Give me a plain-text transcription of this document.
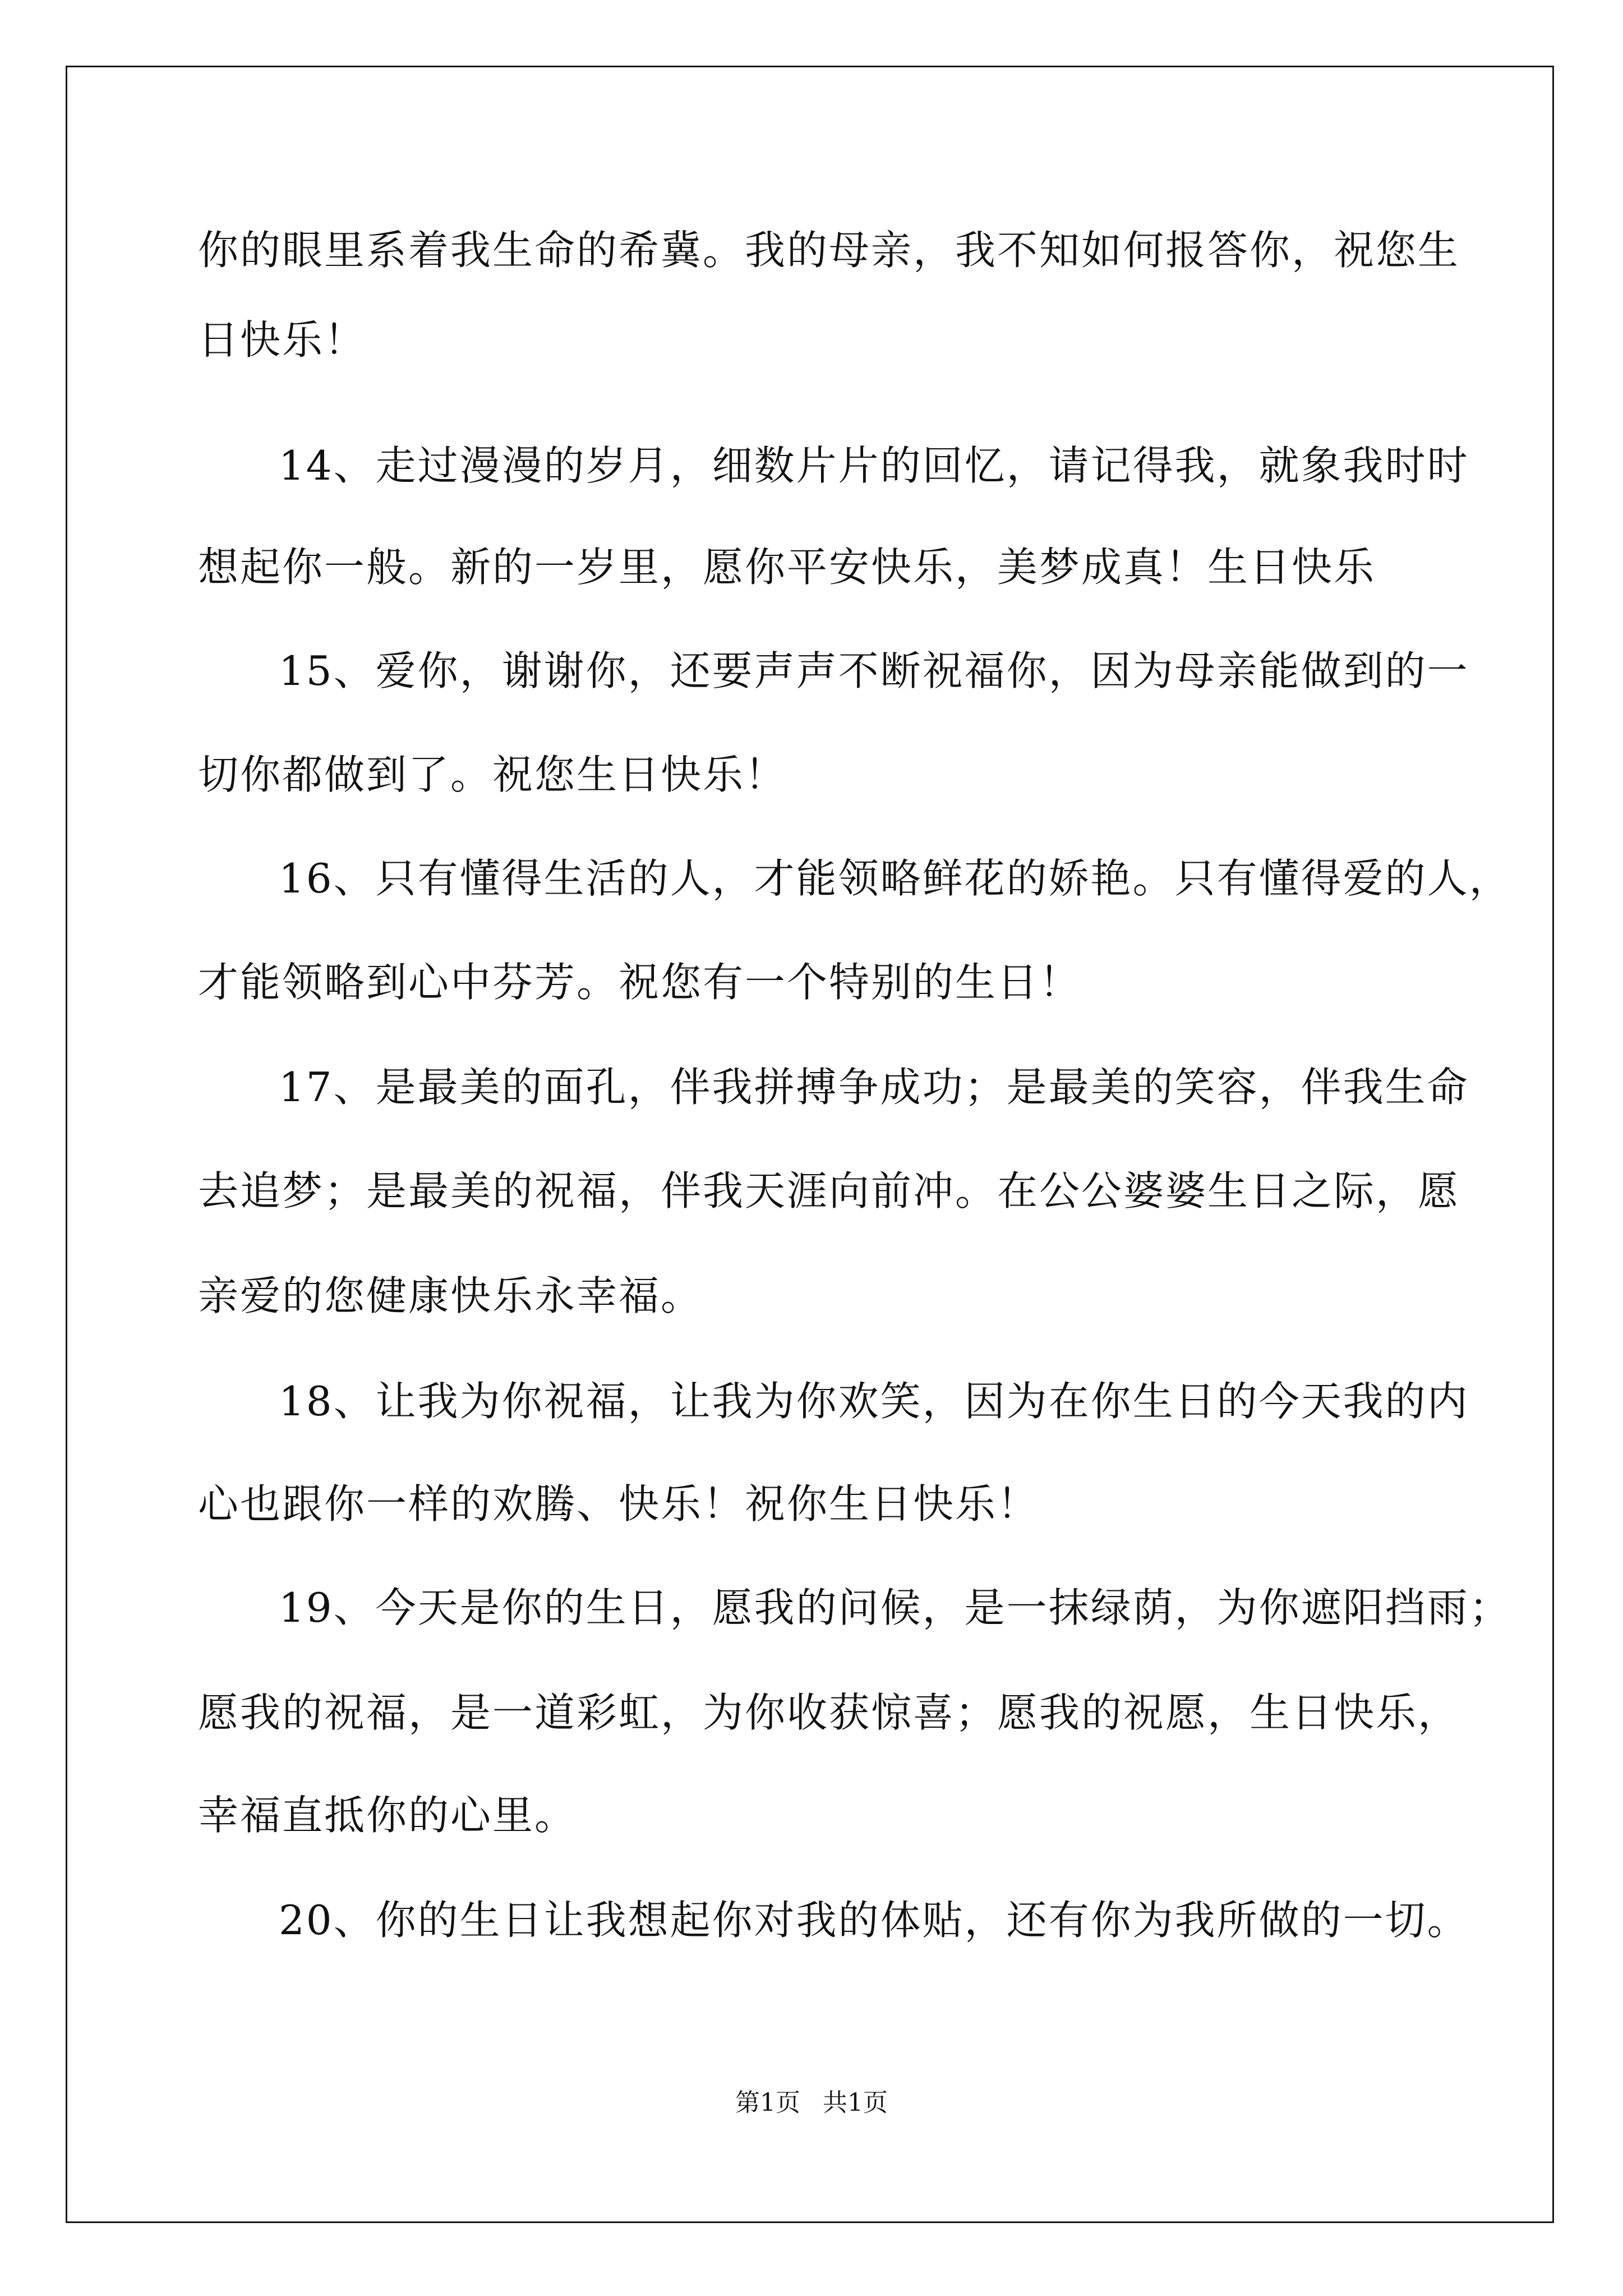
你的眼里系着我生命的希冀。我的母亲，我不知如何报答你，祝您生
日快乐！
14、走过漫漫的岁月，细数片片的回忆，请记得我，就象我时时
想起你一般。新的一岁里，愿你平安快乐，美梦成真！生日快乐
15、爱你，谢谢你，还要声声不断祝福你，因为母亲能做到的一
切你都做到了。祝您生日快乐！
16、只有懂得生活的人，才能领略鲜花的娇艳。只有懂得爱的人，
才能领略到心中芬芳。祝您有一个特别的生日！
17、是最美的面孔，伴我拼搏争成功；是最美的笑容，伴我生命
去追梦；是最美的祝福，伴我天涯向前冲。在公公婆婆生日之际，愿
亲爱的您健康快乐永幸福。
18、让我为你祝福，让我为你欢笑，因为在你生日的今天我的内
心也跟你一样的欢腾、快乐！祝你生日快乐！
19、今天是你的生日，愿我的问候，是一抹绿荫，为你遮阳挡雨；
愿我的祝福，是一道彩虹，为你收获惊喜；愿我的祝愿，生日快乐，
幸福直抵你的心里。
20、你的生日让我想起你对我的体贴，还有你为我所做的一切。
第1页 共1页
